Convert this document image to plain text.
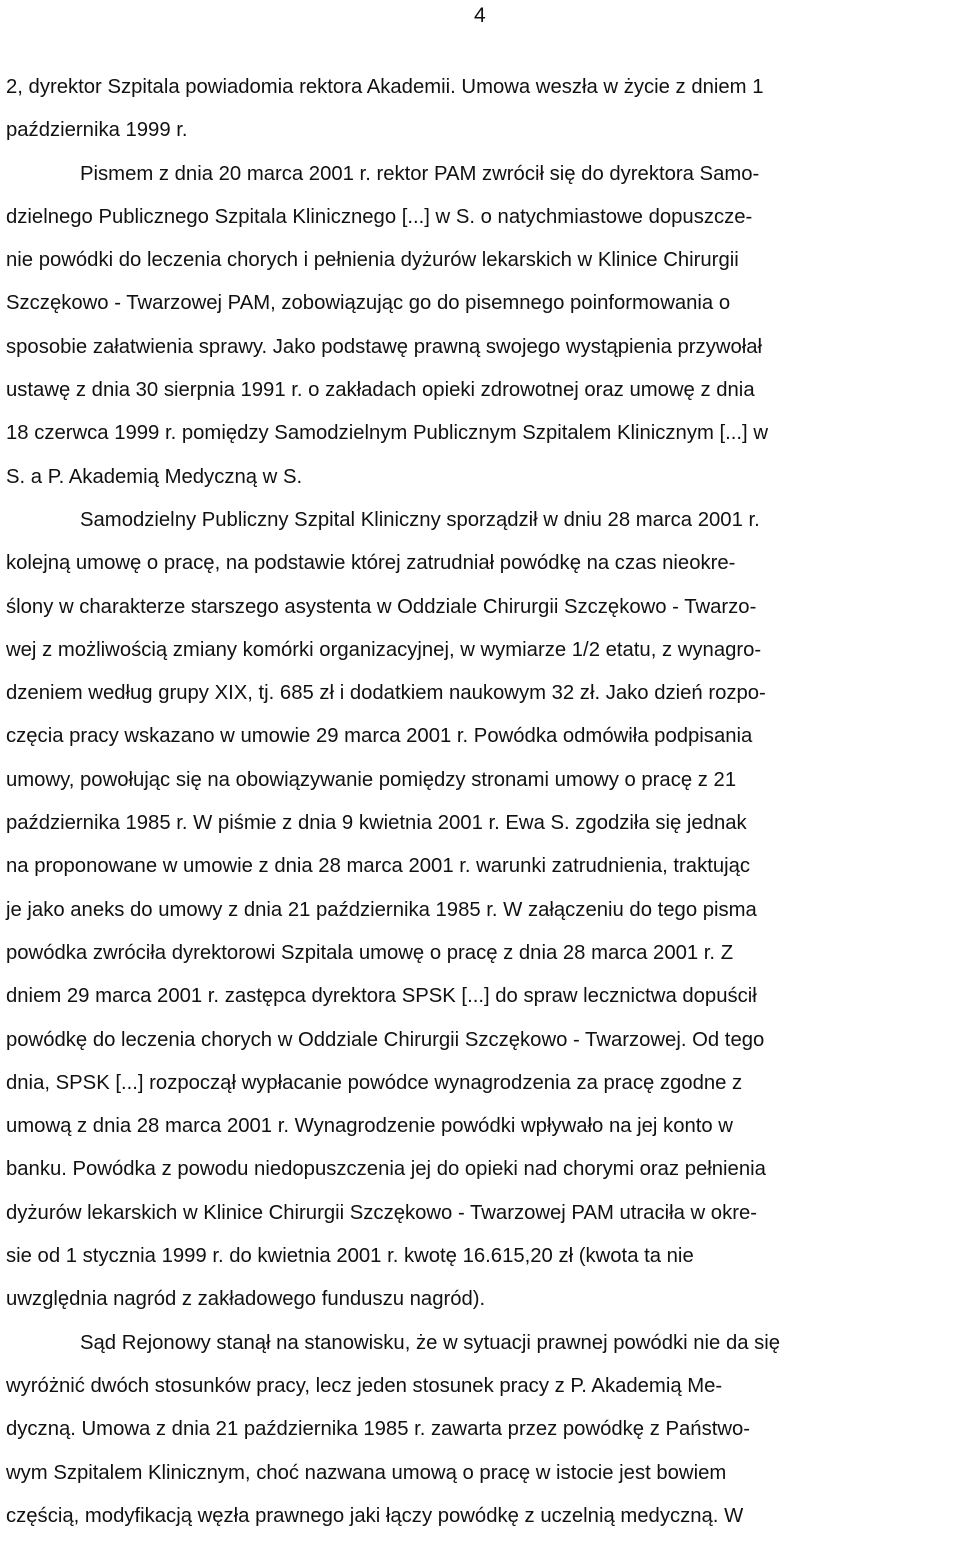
4
2, dyrektor Szpitala powiadomia rektora Akademii. Umowa weszła w życie z dniem 1
października 1999 r.
Pismem z dnia 20 marca 2001 r. rektor PAM zwrócił się do dyrektora Samo-
dzielnego Publicznego Szpitala Klinicznego [...] w S. o natychmiastowe dopuszcze-
nie powódki do leczenia chorych i pełnienia dyżurów lekarskich w Klinice Chirurgii
Szczękowo - Twarzowej PAM, zobowiązując go do pisemnego poinformowania o
sposobie załatwienia sprawy. Jako podstawę prawną swojego wystąpienia przywołał
ustawę z dnia 30 sierpnia 1991 r. o zakładach opieki zdrowotnej oraz umowę z dnia
18 czerwca 1999 r. pomiędzy Samodzielnym Publicznym Szpitalem Klinicznym [...] w
S. a P. Akademią Medyczną w S.
Samodzielny Publiczny Szpital Kliniczny sporządził w dniu 28 marca 2001 r.
kolejną umowę o pracę, na podstawie której zatrudniał powódkę na czas nieokre-
ślony w charakterze starszego asystenta w Oddziale Chirurgii Szczękowo - Twarzo-
wej z możliwością zmiany komórki organizacyjnej, w wymiarze 1/2 etatu, z wynagro-
dzeniem według grupy XIX, tj. 685 zł i dodatkiem naukowym 32 zł. Jako dzień rozpo-
częcia pracy wskazano w umowie 29 marca 2001 r. Powódka odmówiła podpisania
umowy, powołując się na obowiązywanie pomiędzy stronami umowy o pracę z 21
października 1985 r. W piśmie z dnia 9 kwietnia 2001 r. Ewa S. zgodziła się jednak
na proponowane w umowie z dnia 28 marca 2001 r. warunki zatrudnienia, traktując
je jako aneks do umowy z dnia 21 października 1985 r. W załączeniu do tego pisma
powódka zwróciła dyrektorowi Szpitala umowę o pracę z dnia 28 marca 2001 r. Z
dniem 29 marca 2001 r. zastępca dyrektora SPSK [...] do spraw lecznictwa dopuścił
powódkę do leczenia chorych w Oddziale Chirurgii Szczękowo - Twarzowej. Od tego
dnia, SPSK [...] rozpoczął wypłacanie powódce wynagrodzenia za pracę zgodne z
umową z dnia 28 marca 2001 r. Wynagrodzenie powódki wpływało na jej konto w
banku. Powódka z powodu niedopuszczenia jej do opieki nad chorymi oraz pełnienia
dyżurów lekarskich w Klinice Chirurgii Szczękowo - Twarzowej PAM utraciła w okre-
sie od 1 stycznia 1999 r. do kwietnia 2001 r. kwotę 16.615,20 zł (kwota ta nie
uwzględnia nagród z zakładowego funduszu nagród).
Sąd Rejonowy stanął na stanowisku, że w sytuacji prawnej powódki nie da się
wyróżnić dwóch stosunków pracy, lecz jeden stosunek pracy z P. Akademią Me-
dyczną. Umowa z dnia 21 października 1985 r. zawarta przez powódkę z Państwo-
wym Szpitalem Klinicznym, choć nazwana umową o pracę w istocie jest bowiem
częścią, modyfikacją węzła prawnego jaki łączy powódkę z uczelnią medyczną. W
